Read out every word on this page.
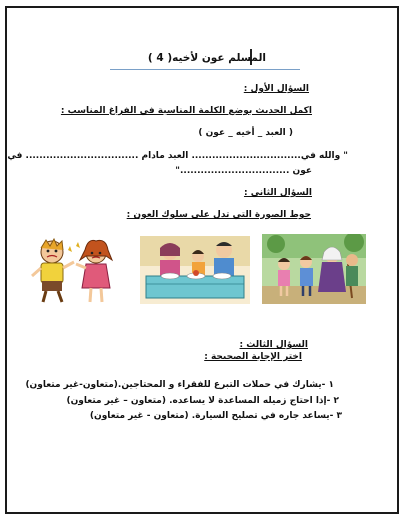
المسلم عون لأخيه( 4 )
السؤال الأول :
اكمل الحديث بوضع الكلمة المناسبة في الفراغ المناسب :
( العبد _ أخيه _ عون )
" والله في................................ العبد مادام ................................. في
عون ................................"
السؤال الثاني :
حوط الصورة التي تدل على سلوك العون :
السؤال الثالث :
اختر الإجابة الصحيحة :
١ -يشارك في حملات التبرع للفقراء و المحتاجين.(متعاون-غير متعاون)
٢ -إذا احتاج زميله المساعدة لا يساعده. (متعاون – غير متعاون)
٣ -يساعد جاره في تصليح السيارة. (متعاون - غير متعاون)
